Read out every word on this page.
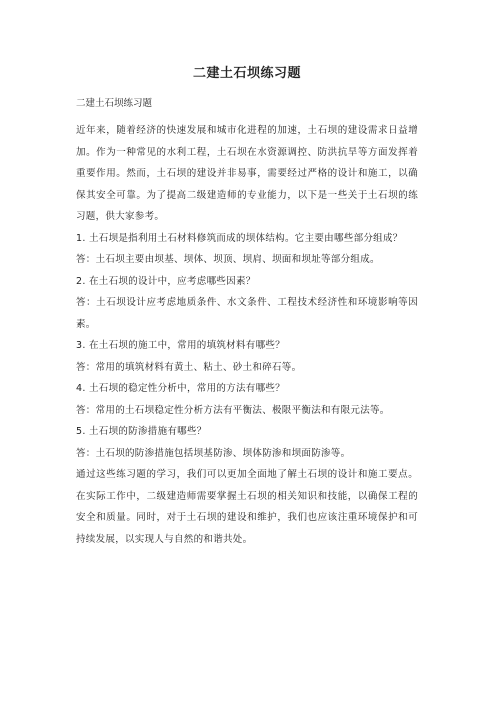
二建土石坝练习题
二建土石坝练习题

近年来，随着经济的快速发展和城市化进程的加速，土石坝的建设需求日益增加。作为一种常见的水利工程，土石坝在水资源调控、防洪抗旱等方面发挥着重要作用。然而，土石坝的建设并非易事，需要经过严格的设计和施工，以确保其安全可靠。为了提高二级建造师的专业能力，以下是一些关于土石坝的练习题，供大家参考。

1. 土石坝是指利用土石材料修筑而成的坝体结构。它主要由哪些部分组成？

答：土石坝主要由坝基、坝体、坝顶、坝肩、坝面和坝址等部分组成。

2. 在土石坝的设计中，应考虑哪些因素？

答：土石坝设计应考虑地质条件、水文条件、工程技术经济性和环境影响等因素。

3. 在土石坝的施工中，常用的填筑材料有哪些？

答：常用的填筑材料有黄土、粘土、砂土和碎石等。

4. 土石坝的稳定性分析中，常用的方法有哪些？

答：常用的土石坝稳定性分析方法有平衡法、极限平衡法和有限元法等。

5. 土石坝的防渗措施有哪些？

答：土石坝的防渗措施包括坝基防渗、坝体防渗和坝面防渗等。

通过这些练习题的学习，我们可以更加全面地了解土石坝的设计和施工要点。在实际工作中，二级建造师需要掌握土石坝的相关知识和技能，以确保工程的安全和质量。同时，对于土石坝的建设和维护，我们也应该注重环境保护和可持续发展，以实现人与自然的和谐共处。
